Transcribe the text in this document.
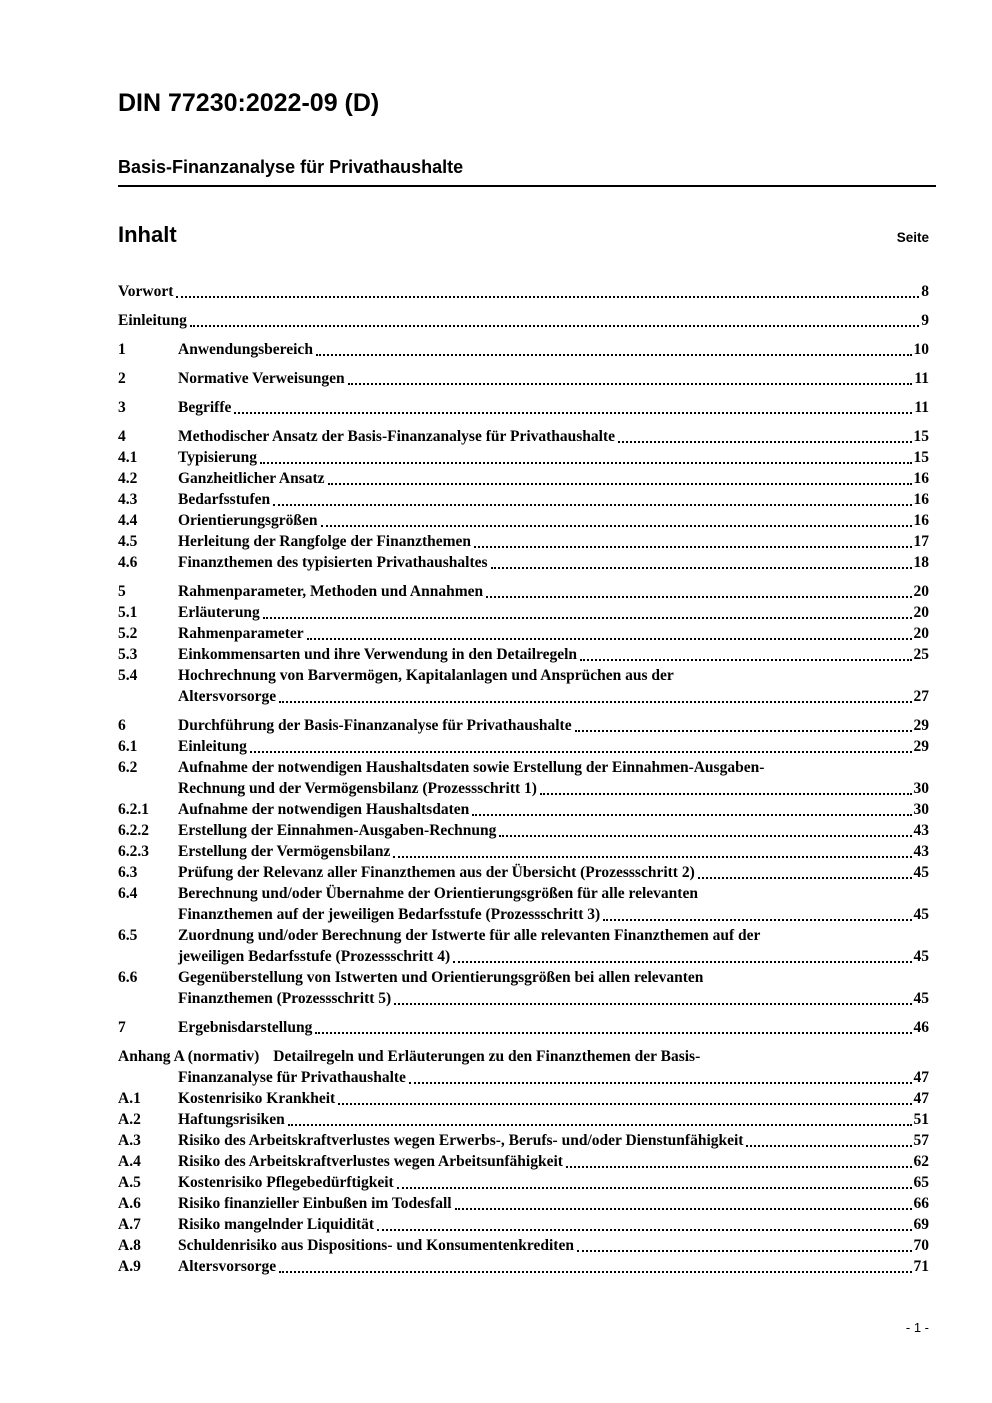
DIN 77230:2022-09 (D)
Basis-Finanzanalyse für Privathaushalte
Inhalt	Seite
Vorwort	8
Einleitung	9
1	Anwendungsbereich	10
2	Normative Verweisungen	11
3	Begriffe	11
4	Methodischer Ansatz der Basis-Finanzanalyse für Privathaushalte	15
4.1	Typisierung	15
4.2	Ganzheitlicher Ansatz	16
4.3	Bedarfsstufen	16
4.4	Orientierungsgrößen	16
4.5	Herleitung der Rangfolge der Finanzthemen	17
4.6	Finanzthemen des typisierten Privathaushaltes	18
5	Rahmenparameter, Methoden und Annahmen	20
5.1	Erläuterung	20
5.2	Rahmenparameter	20
5.3	Einkommensarten und ihre Verwendung in den Detailregeln	25
5.4	Hochrechnung von Barvermögen, Kapitalanlagen und Ansprüchen aus der
Altersvorsorge	27
6	Durchführung der Basis-Finanzanalyse für Privathaushalte	29
6.1	Einleitung	29
6.2	Aufnahme der notwendigen Haushaltsdaten sowie Erstellung der Einnahmen-Ausgaben-
Rechnung und der Vermögensbilanz (Prozessschritt 1)	30
6.2.1	Aufnahme der notwendigen Haushaltsdaten	30
6.2.2	Erstellung der Einnahmen-Ausgaben-Rechnung	43
6.2.3	Erstellung der Vermögensbilanz	43
6.3	Prüfung der Relevanz aller Finanzthemen aus der Übersicht (Prozessschritt 2)	45
6.4	Berechnung und/oder Übernahme der Orientierungsgrößen für alle relevanten
Finanzthemen auf der jeweiligen Bedarfsstufe (Prozessschritt 3)	45
6.5	Zuordnung und/oder Berechnung der Istwerte für alle relevanten Finanzthemen auf der
jeweiligen Bedarfsstufe (Prozessschritt 4)	45
6.6	Gegenüberstellung von Istwerten und Orientierungsgrößen bei allen relevanten
Finanzthemen (Prozessschritt 5)	45
7	Ergebnisdarstellung	46
Anhang A (normativ) Detailregeln und Erläuterungen zu den Finanzthemen der Basis-
Finanzanalyse für Privathaushalte	47
A.1	Kostenrisiko Krankheit	47
A.2	Haftungsrisiken	51
A.3	Risiko des Arbeitskraftverlustes wegen Erwerbs-, Berufs- und/oder Dienstunfähigkeit	57
A.4	Risiko des Arbeitskraftverlustes wegen Arbeitsunfähigkeit	62
A.5	Kostenrisiko Pflegebedürftigkeit	65
A.6	Risiko finanzieller Einbußen im Todesfall	66
A.7	Risiko mangelnder Liquidität	69
A.8	Schuldenrisiko aus Dispositions- und Konsumentenkrediten	70
A.9	Altersvorsorge	71
- 1 -
